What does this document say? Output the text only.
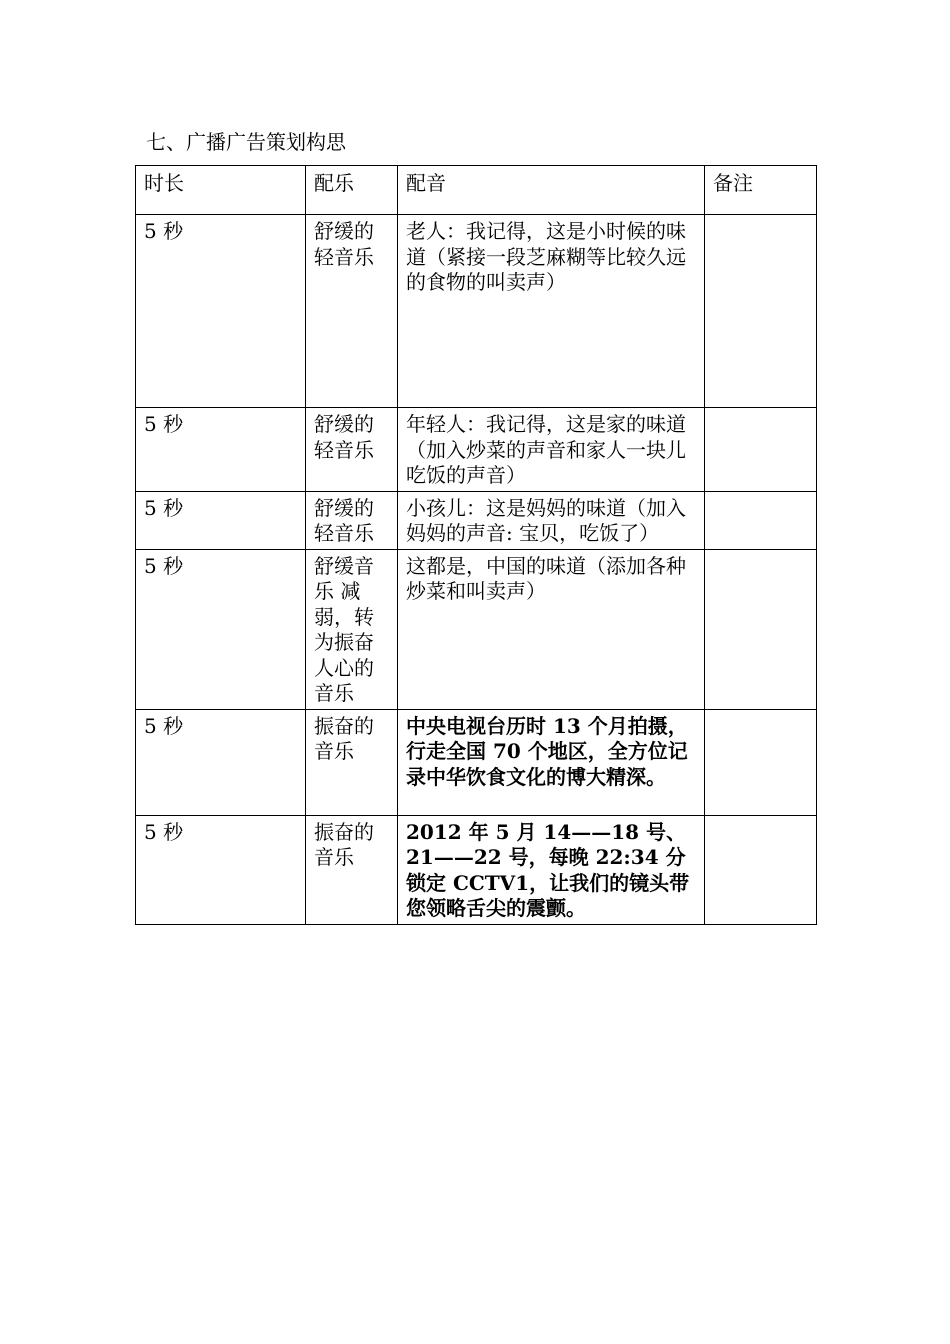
七、广播广告策划构思
时长	配乐	配音	备注
5 秒	舒缓的轻音乐	老人：我记得，这是小时候的味道（紧接一段芝麻糊等比较久远的食物的叫卖声）	
5 秒	舒缓的轻音乐	年轻人：我记得，这是家的味道（加入炒菜的声音和家人一块儿吃饭的声音）	
5 秒	舒缓的轻音乐	小孩儿：这是妈妈的味道（加入妈妈的声音: 宝贝，吃饭了）	
5 秒	舒缓音乐 减弱，转为振奋人心的音乐	这都是，中国的味道（添加各种炒菜和叫卖声）	
5 秒	振奋的音乐	中央电视台历时 13 个月拍摄，行走全国 70 个地区，全方位记录中华饮食文化的博大精深。	
5 秒	振奋的音乐	2012 年 5 月 14——18 号、21——22 号，每晚 22:34 分锁定 CCTV1，让我们的镜头带您领略舌尖的震颤。	
